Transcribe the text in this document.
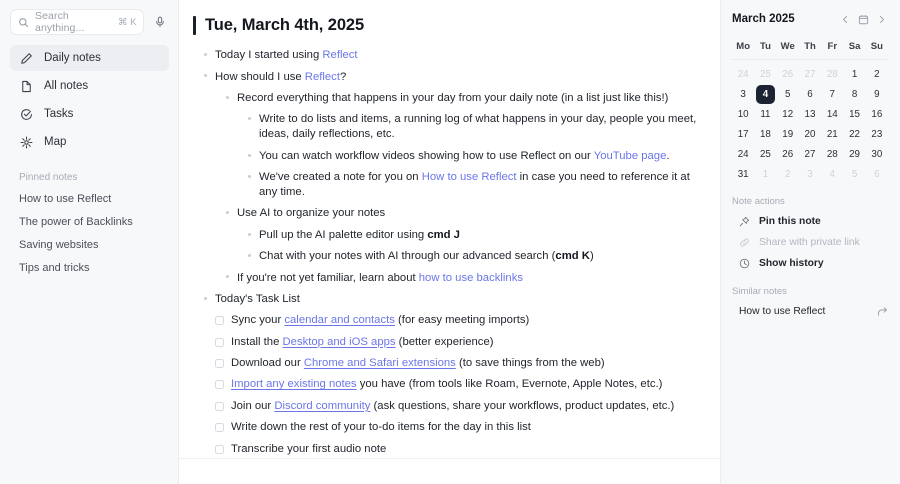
Search anything...	⌘ K
Daily notes
All notes
Tasks
Map
Pinned notes
How to use Reflect
The power of Backlinks
Saving websites
Tips and tricks
Tue, March 4th, 2025
Today I started using Reflect
How should I use Reflect?
Record everything that happens in your day from your daily note (in a list just like this!)
Write to do lists and items, a running log of what happens in your day, people you meet, ideas, daily reflections, etc.
You can watch workflow videos showing how to use Reflect on our YouTube page.
We've created a note for you on How to use Reflect in case you need to reference it at any time.
Use AI to organize your notes
Pull up the AI palette editor using cmd J
Chat with your notes with AI through our advanced search (cmd K)
If you're not yet familiar, learn about how to use backlinks
Today's Task List
Sync your calendar and contacts (for easy meeting imports)
Install the Desktop and iOS apps (better experience)
Download our Chrome and Safari extensions (to save things from the web)
Import any existing notes you have (from tools like Roam, Evernote, Apple Notes, etc.)
Join our Discord community (ask questions, share your workflows, product updates, etc.)
Write down the rest of your to-do items for the day in this list
Transcribe your first audio note
March 2025
Mo	Tu	We Th	Fr	Sa	Su
24	25	26	27	28	1	2
3	4	5	6	7	8	9
10	11	12	13	14	15	16
17	18	19	20	21	22	23
24	25	26	27	28	29	30
31	1	2	3	4	5	6
Note actions
Pin this note
Share with private link
Show history
Similar notes
How to use Reflect
